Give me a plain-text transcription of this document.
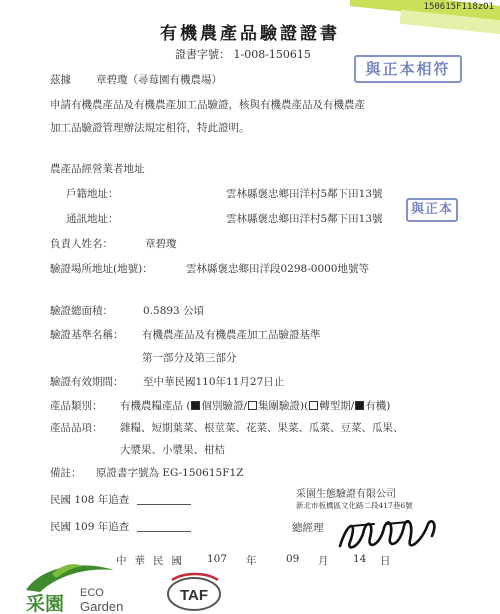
150615F118zO1
有機農產品驗證證書
證書字號： 1-008-150615
與正本相符
與正本
茲據 章碧瓊（尋莓園有機農場）
申請有機農產品及有機農產加工品驗證，核與有機農產品及有機農產
加工品驗證管理辦法規定相符，特此證明。
農產品經營業者地址
戶籍地址：	雲林縣褒忠鄉田洋村5鄰下田13號
通訊地址：	雲林縣褒忠鄉田洋村5鄰下田13號
負責人姓名：	章碧瓊
驗證場所地址(地號)：	雲林縣褒忠鄉田洋段0298-0000地號等
驗證總面積：	0.5893 公頃
驗證基準名稱： 有機農產品及有機農產加工品驗證基準
第一部分及第三部分
驗證有效期間： 至中華民國110年11月27日止
產品類別： 有機農糧產品 ( 個別驗證/ 集團驗證)( 轉型期/ 有機)
產品品項： 雜糧、短期葉菜、根莖菜、花菜、果菜、瓜菜、豆菜、瓜果、
大漿果、小漿果、柑桔
備註： 原證書字號為 EG-150615F1Z
民國 108 年追查
民國 109 年追查
采園生態驗證有限公司
新北市板橋區文化路二段417巷6號
總經理
中華民國 107 年	09 月 14 日
采園 ECO
Garden
TAF
